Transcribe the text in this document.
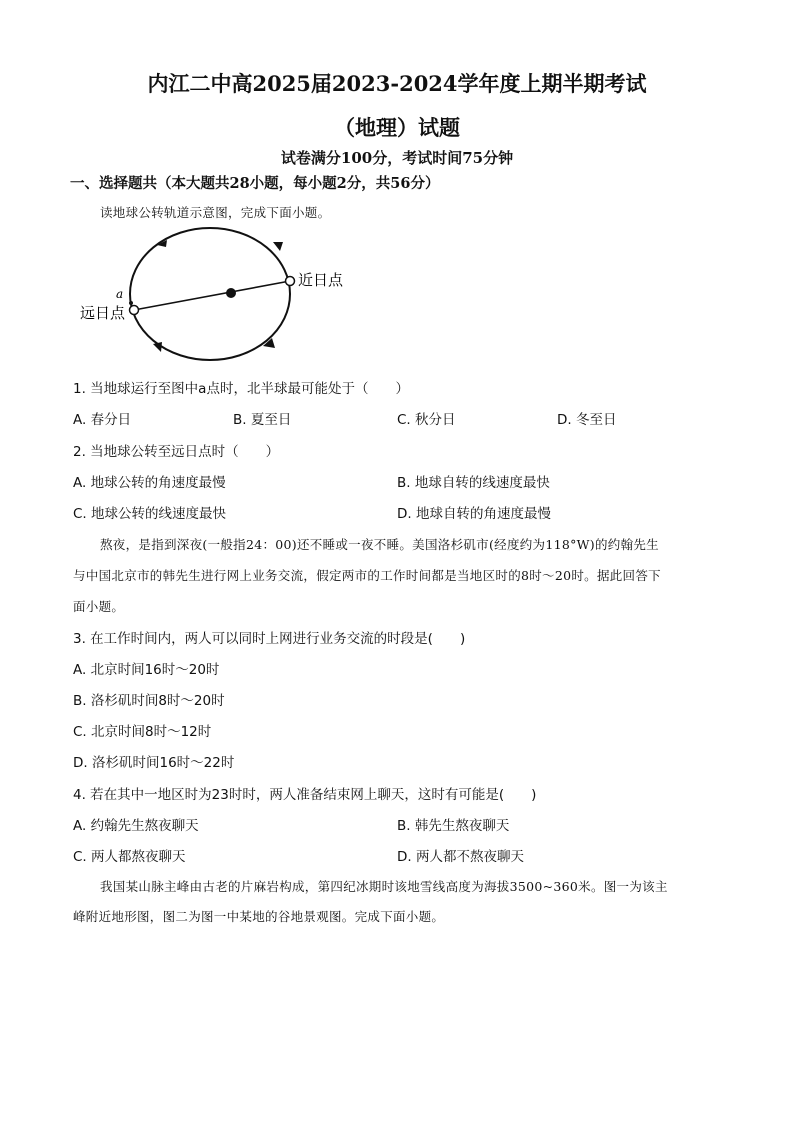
内江二中高2025届2023-2024学年度上期半期考试
（地理）试题
试卷满分100分，考试时间75分钟
一、选择题共（本大题共28小题，每小题2分，共56分）
读地球公转轨道示意图，完成下面小题。
a
近日点
远日点
1. 当地球运行至图中a点时，北半球最可能处于（　　）
A. 春分日	B. 夏至日	C. 秋分日	D. 冬至日
2. 当地球公转至远日点时（　　）
A. 地球公转的角速度最慢	B. 地球自转的线速度最快
C. 地球公转的线速度最快	D. 地球自转的角速度最慢
熬夜，是指到深夜(一般指24：00)还不睡或一夜不睡。美国洛杉矶市(经度约为118°W)的约翰先生
与中国北京市的韩先生进行网上业务交流，假定两市的工作时间都是当地区时的8时～20时。据此回答下
面小题。
3. 在工作时间内，两人可以同时上网进行业务交流的时段是(　　)
A. 北京时间16时～20时
B. 洛杉矶时间8时～20时
C. 北京时间8时～12时
D. 洛杉矶时间16时～22时
4. 若在其中一地区时为23时时，两人准备结束网上聊天，这时有可能是(　　)
A. 约翰先生熬夜聊天	B. 韩先生熬夜聊天
C. 两人都熬夜聊天	D. 两人都不熬夜聊天
我国某山脉主峰由古老的片麻岩构成，第四纪冰期时该地雪线高度为海拔3500~360米。图一为该主
峰附近地形图，图二为图一中某地的谷地景观图。完成下面小题。
